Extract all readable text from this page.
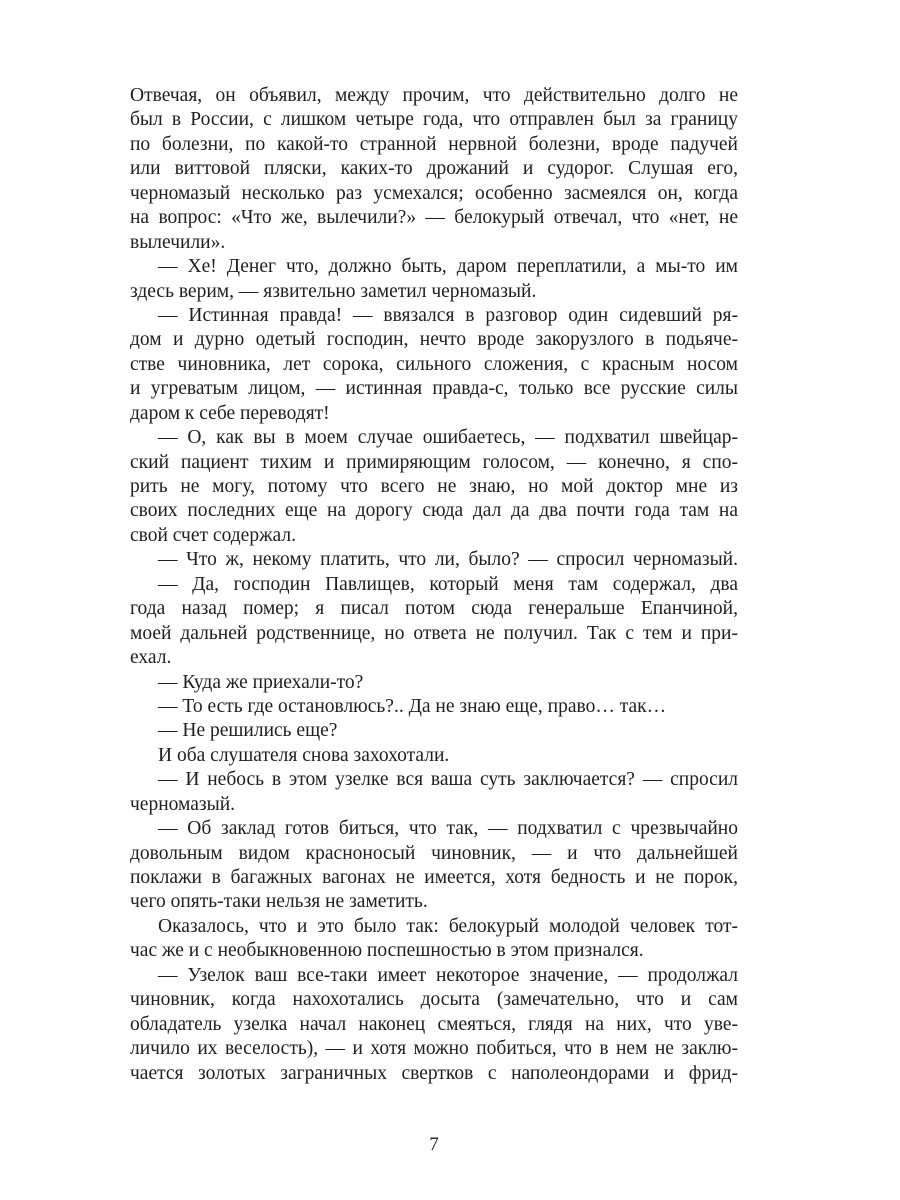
Отвечая, он объявил, между прочим, что действительно долго не
был в России, с лишком четыре года, что отправлен был за границу
по болезни, по какой-то странной нервной болезни, вроде падучей
или виттовой пляски, каких-то дрожаний и судорог. Слушая его,
черномазый несколько раз усмехался; особенно засмеялся он, когда
на вопрос: «Что же, вылечили?» — белокурый отвечал, что «нет, не
вылечили».
— Хе! Денег что, должно быть, даром переплатили, а мы-то им
здесь верим, — язвительно заметил черномазый.
— Истинная правда! — ввязался в разговор один сидевший ря-
дом и дурно одетый господин, нечто вроде закорузлого в подьяче-
стве чиновника, лет сорока, сильного сложения, с красным носом
и угреватым лицом, — истинная правда-с, только все русские силы
даром к себе переводят!
— О, как вы в моем случае ошибаетесь, — подхватил швейцар-
ский пациент тихим и примиряющим голосом, — конечно, я спо-
рить не могу, потому что всего не знаю, но мой доктор мне из
своих последних еще на дорогу сюда дал да два почти года там на
свой счет содержал.
— Что ж, некому платить, что ли, было? — спросил черномазый.
— Да, господин Павлищев, который меня там содержал, два
года назад помер; я писал потом сюда генеральше Епанчиной,
моей дальней родственнице, но ответа не получил. Так с тем и при-
ехал.
— Куда же приехали-то?
— То есть где остановлюсь?.. Да не знаю еще, право… так…
— Не решились еще?
И оба слушателя снова захохотали.
— И небось в этом узелке вся ваша суть заключается? — спросил
черномазый.
— Об заклад готов биться, что так, — подхватил с чрезвычайно
довольным видом красноносый чиновник, — и что дальнейшей
поклажи в багажных вагонах не имеется, хотя бедность и не порок,
чего опять-таки нельзя не заметить.
Оказалось, что и это было так: белокурый молодой человек тот-
час же и с необыкновенною поспешностью в этом признался.
— Узелок ваш все-таки имеет некоторое значение, — продолжал
чиновник, когда нахохотались досыта (замечательно, что и сам
обладатель узелка начал наконец смеяться, глядя на них, что уве-
личило их веселость), — и хотя можно побиться, что в нем не заклю-
чается золотых заграничных свертков с наполеондорами и фрид-
7
